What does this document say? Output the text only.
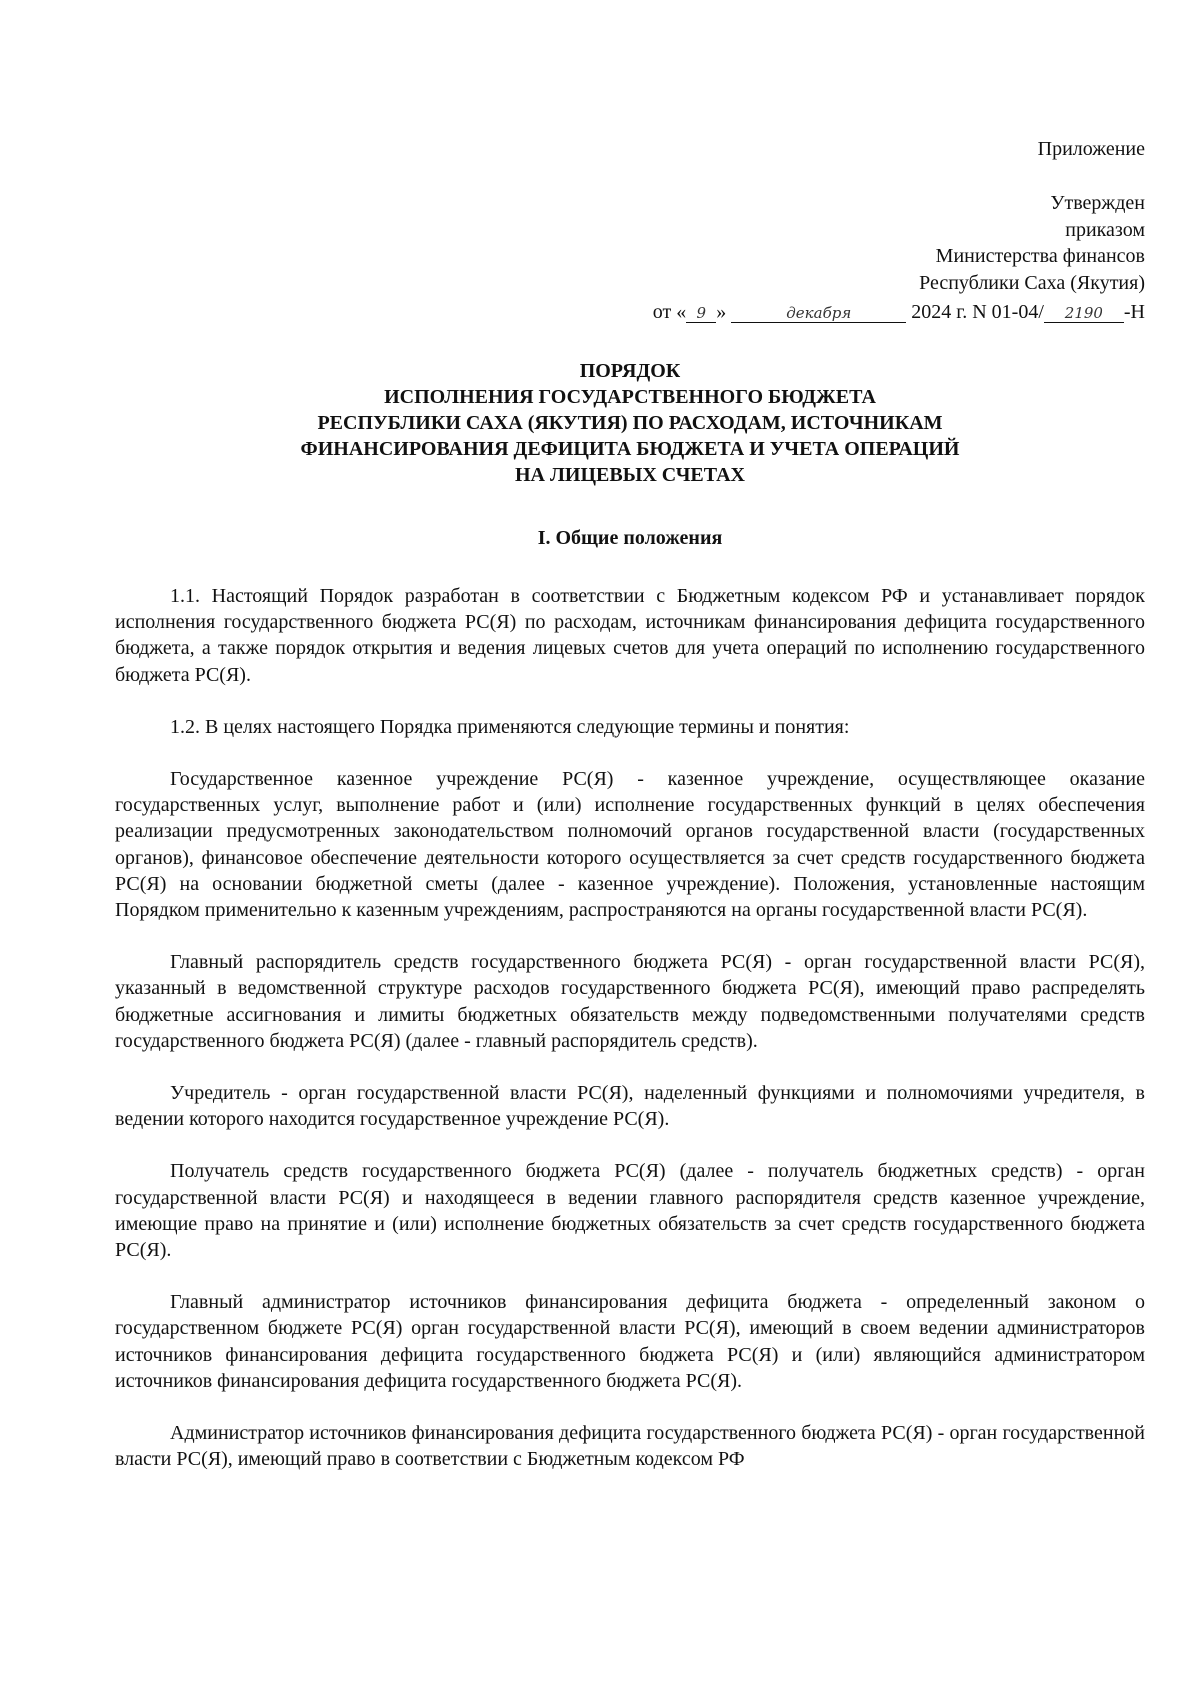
Приложение
Утвержден
приказом
Министерства финансов
Республики Саха (Якутия)
от « 9 »	декабря	2024 г. N 01-04/ 2190 -Н
ПОРЯДОК
ИСПОЛНЕНИЯ ГОСУДАРСТВЕННОГО БЮДЖЕТА
РЕСПУБЛИКИ САХА (ЯКУТИЯ) ПО РАСХОДАМ, ИСТОЧНИКАМ
ФИНАНСИРОВАНИЯ ДЕФИЦИТА БЮДЖЕТА И УЧЕТА ОПЕРАЦИЙ
НА ЛИЦЕВЫХ СЧЕТАХ
I. Общие положения

1.1. Настоящий Порядок разработан в соответствии с Бюджетным кодексом РФ и устанавливает порядок исполнения государственного бюджета РС(Я) по расходам, источникам финансирования дефицита государственного бюджета, а также порядок открытия и ведения лицевых счетов для учета операций по исполнению государственного бюджета РС(Я).

1.2. В целях настоящего Порядка применяются следующие термины и понятия:

Государственное казенное учреждение РС(Я) - казенное учреждение, осуществляющее оказание государственных услуг, выполнение работ и (или) исполнение государственных функций в целях обеспечения реализации предусмотренных законодательством полномочий органов государственной власти (государственных органов), финансовое обеспечение деятельности которого осуществляется за счет средств государственного бюджета РС(Я) на основании бюджетной сметы (далее - казенное учреждение). Положения, установленные настоящим Порядком применительно к казенным учреждениям, распространяются на органы государственной власти РС(Я).

Главный распорядитель средств государственного бюджета РС(Я) - орган государственной власти РС(Я), указанный в ведомственной структуре расходов государственного бюджета РС(Я), имеющий право распределять бюджетные ассигнования и лимиты бюджетных обязательств между подведомственными получателями средств государственного бюджета РС(Я) (далее - главный распорядитель средств).

Учредитель - орган государственной власти РС(Я), наделенный функциями и полномочиями учредителя, в ведении которого находится государственное учреждение РС(Я).

Получатель средств государственного бюджета РС(Я) (далее - получатель бюджетных средств) - орган государственной власти РС(Я) и находящееся в ведении главного распорядителя средств казенное учреждение, имеющие право на принятие и (или) исполнение бюджетных обязательств за счет средств государственного бюджета РС(Я).

Главный администратор источников финансирования дефицита бюджета - определенный законом о государственном бюджете РС(Я) орган государственной власти РС(Я), имеющий в своем ведении администраторов источников финансирования дефицита государственного бюджета РС(Я) и (или) являющийся администратором источников финансирования дефицита государственного бюджета РС(Я).

Администратор источников финансирования дефицита государственного бюджета РС(Я) - орган государственной власти РС(Я), имеющий право в соответствии с Бюджетным кодексом РФ
